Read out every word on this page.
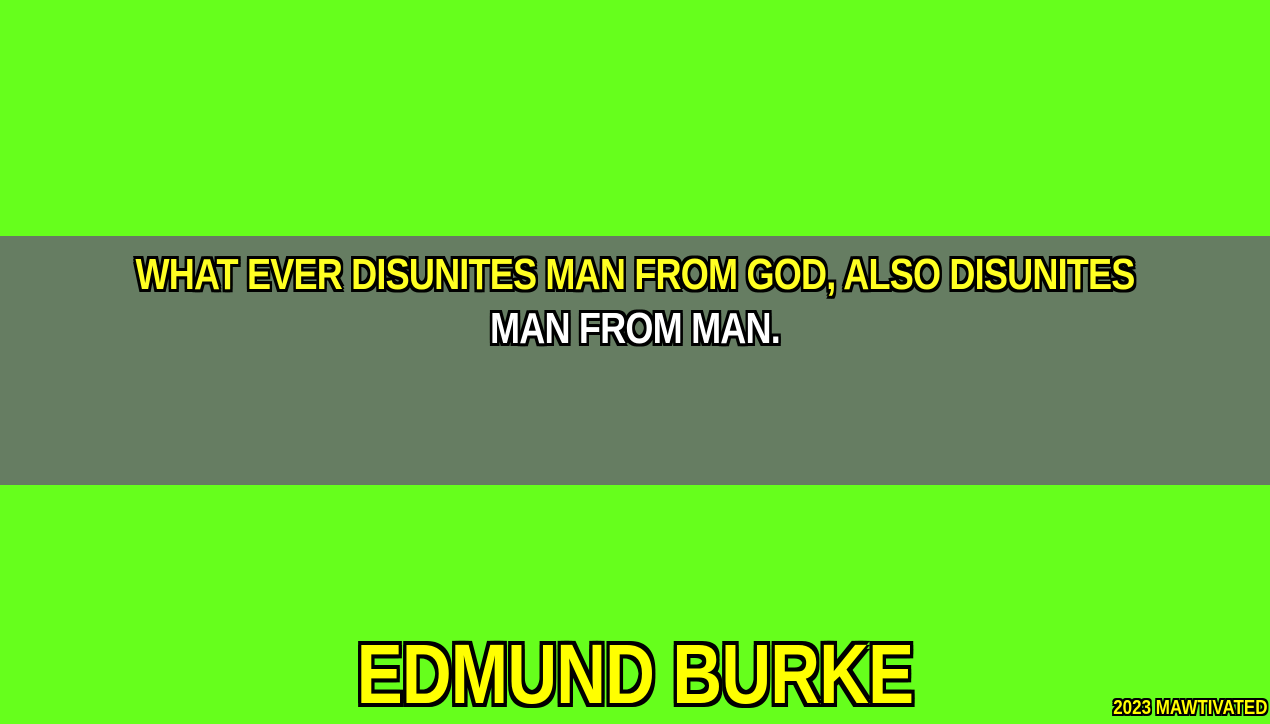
WHAT EVER DISUNITES MAN FROM GOD, ALSO DISUNITES
MAN FROM MAN.
EDMUND BURKE	2023 MAWTIVATED
